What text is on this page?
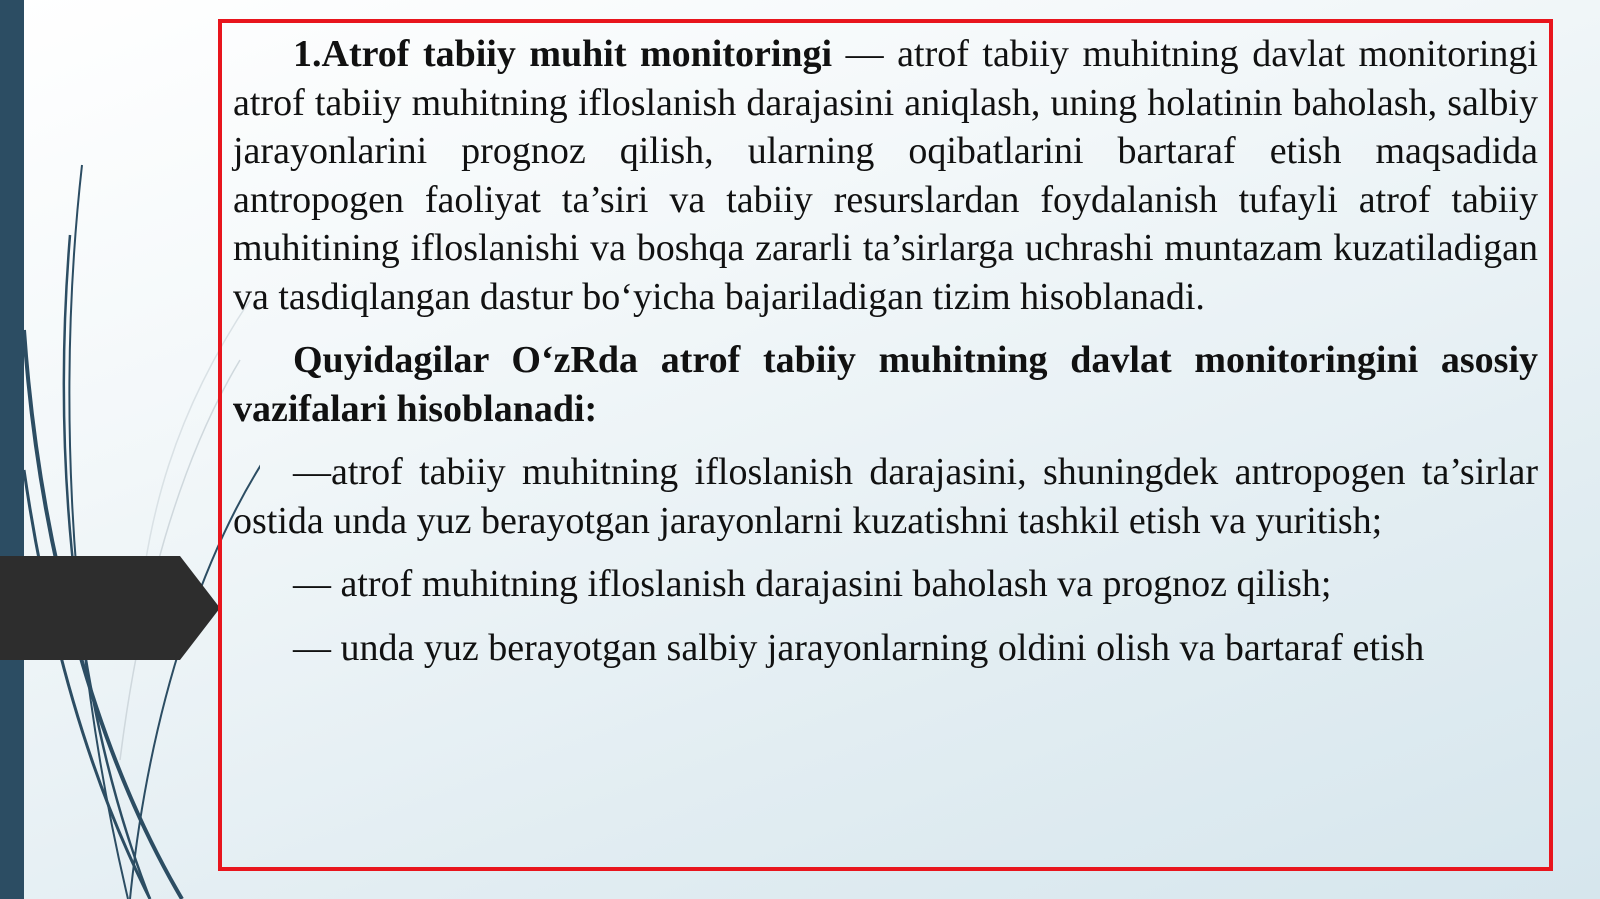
1.Atrof tabiiy muhit monitoringi — atrof tabiiy muhitning davlat monitoringi atrof tabiiy muhitning ifloslanish darajasini aniqlash, uning holatinin baholash, salbiy jarayonlarini prognoz qilish, ularning oqibatlarini bartaraf etish maqsadida antropogen faoliyat ta’siri va tabiiy resurslardan foydalanish tufayli atrof tabiiy muhitining ifloslanishi va boshqa zararli ta’sirlarga uchrashi muntazam kuzatiladigan va tasdiqlangan dastur bo‘yicha bajariladigan tizim hisoblanadi.

Quyidagilar O‘zRda atrof tabiiy muhitning davlat monitoringini asosiy vazifalari hisoblanadi:

—atrof tabiiy muhitning ifloslanish darajasini, shuningdek antropogen ta’sirlar ostida unda yuz berayotgan jarayonlarni kuzatishni tashkil etish va yuritish;

— atrof muhitning ifloslanish darajasini baholash va prognoz qilish;

— unda yuz berayotgan salbiy jarayonlarning oldini olish va bartaraf etish
